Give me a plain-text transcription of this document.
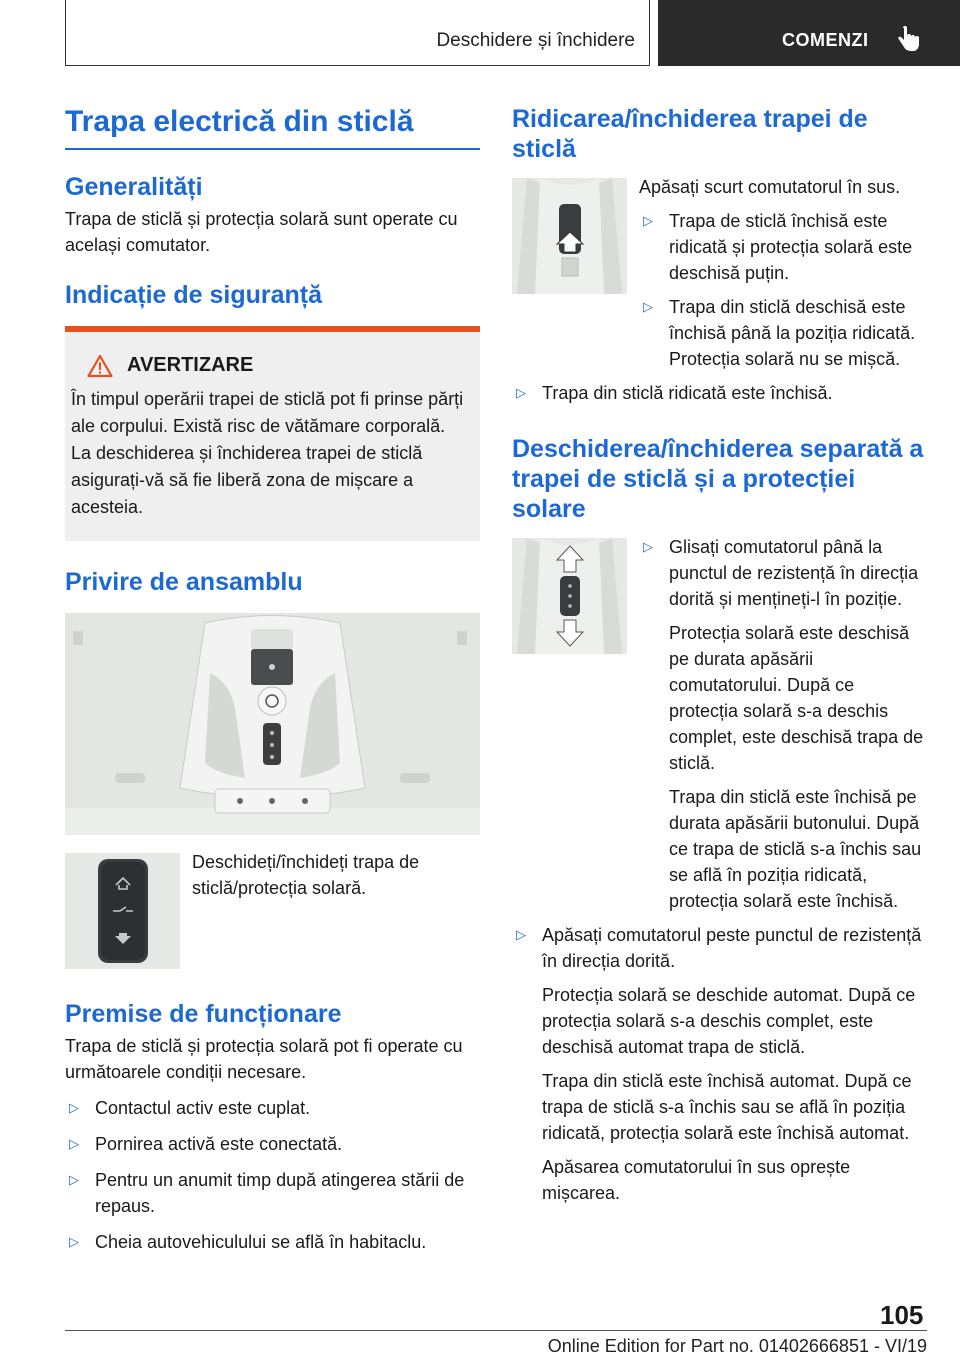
Deschidere și închidere	COMENZI
Trapa electrică din sticlă
Generalități

Trapa de sticlă și protecția solară sunt operate cu același comutator.

Indicație de siguranță
AVERTIZARE

În timpul operării trapei de sticlă pot fi prinse părți ale corpului. Există risc de vătămare corporală. La deschiderea și închiderea trapei de sticlă asigurați-vă să fie liberă zona de mișcare a acesteia.

Privire de ansamblu

Deschideți/închideți trapa de sticlă/protecția solară.

Premise de funcționare

Trapa de sticlă și protecția solară pot fi operate cu următoarele condiții necesare.

▷ Contactul activ este cuplat.
▷ Pornirea activă este conectată.
▷ Pentru un anumit timp după atingerea stării de repaus.
▷ Cheia autovehiculului se află în habitaclu.
Ridicarea/închiderea trapei de sticlă

Apăsați scurt comutatorul în sus.

▷ Trapa de sticlă închisă este ridicată și protecția solară este deschisă puțin.
▷ Trapa din sticlă deschisă este închisă până la poziția ridicată. Protecția solară nu se mișcă.
▷ Trapa din sticlă ridicată este închisă.
Deschiderea/închiderea separată a trapei de sticlă și a protecției solare
▷ Glisați comutatorul până la punctul de rezistență în direcția dorită și mențineți-l în poziție.
Protecția solară este deschisă pe durata apăsării comutatorului. După ce protecția solară s-a deschis complet, este deschisă trapa de sticlă.
Trapa din sticlă este închisă pe durata apăsării butonului. După ce trapa de sticlă s-a închis sau se află în poziția ridicată, protecția solară este închisă.
▷ Apăsați comutatorul peste punctul de rezistență în direcția dorită.
Protecția solară se deschide automat. După ce protecția solară s-a deschis complet, este deschisă automat trapa de sticlă.
Trapa din sticlă este închisă automat. După ce trapa de sticlă s-a închis sau se află în poziția ridicată, protecția solară este închisă automat.
Apăsarea comutatorului în sus oprește mișcarea.
105
Online Edition for Part no. 01402666851 - VI/19
